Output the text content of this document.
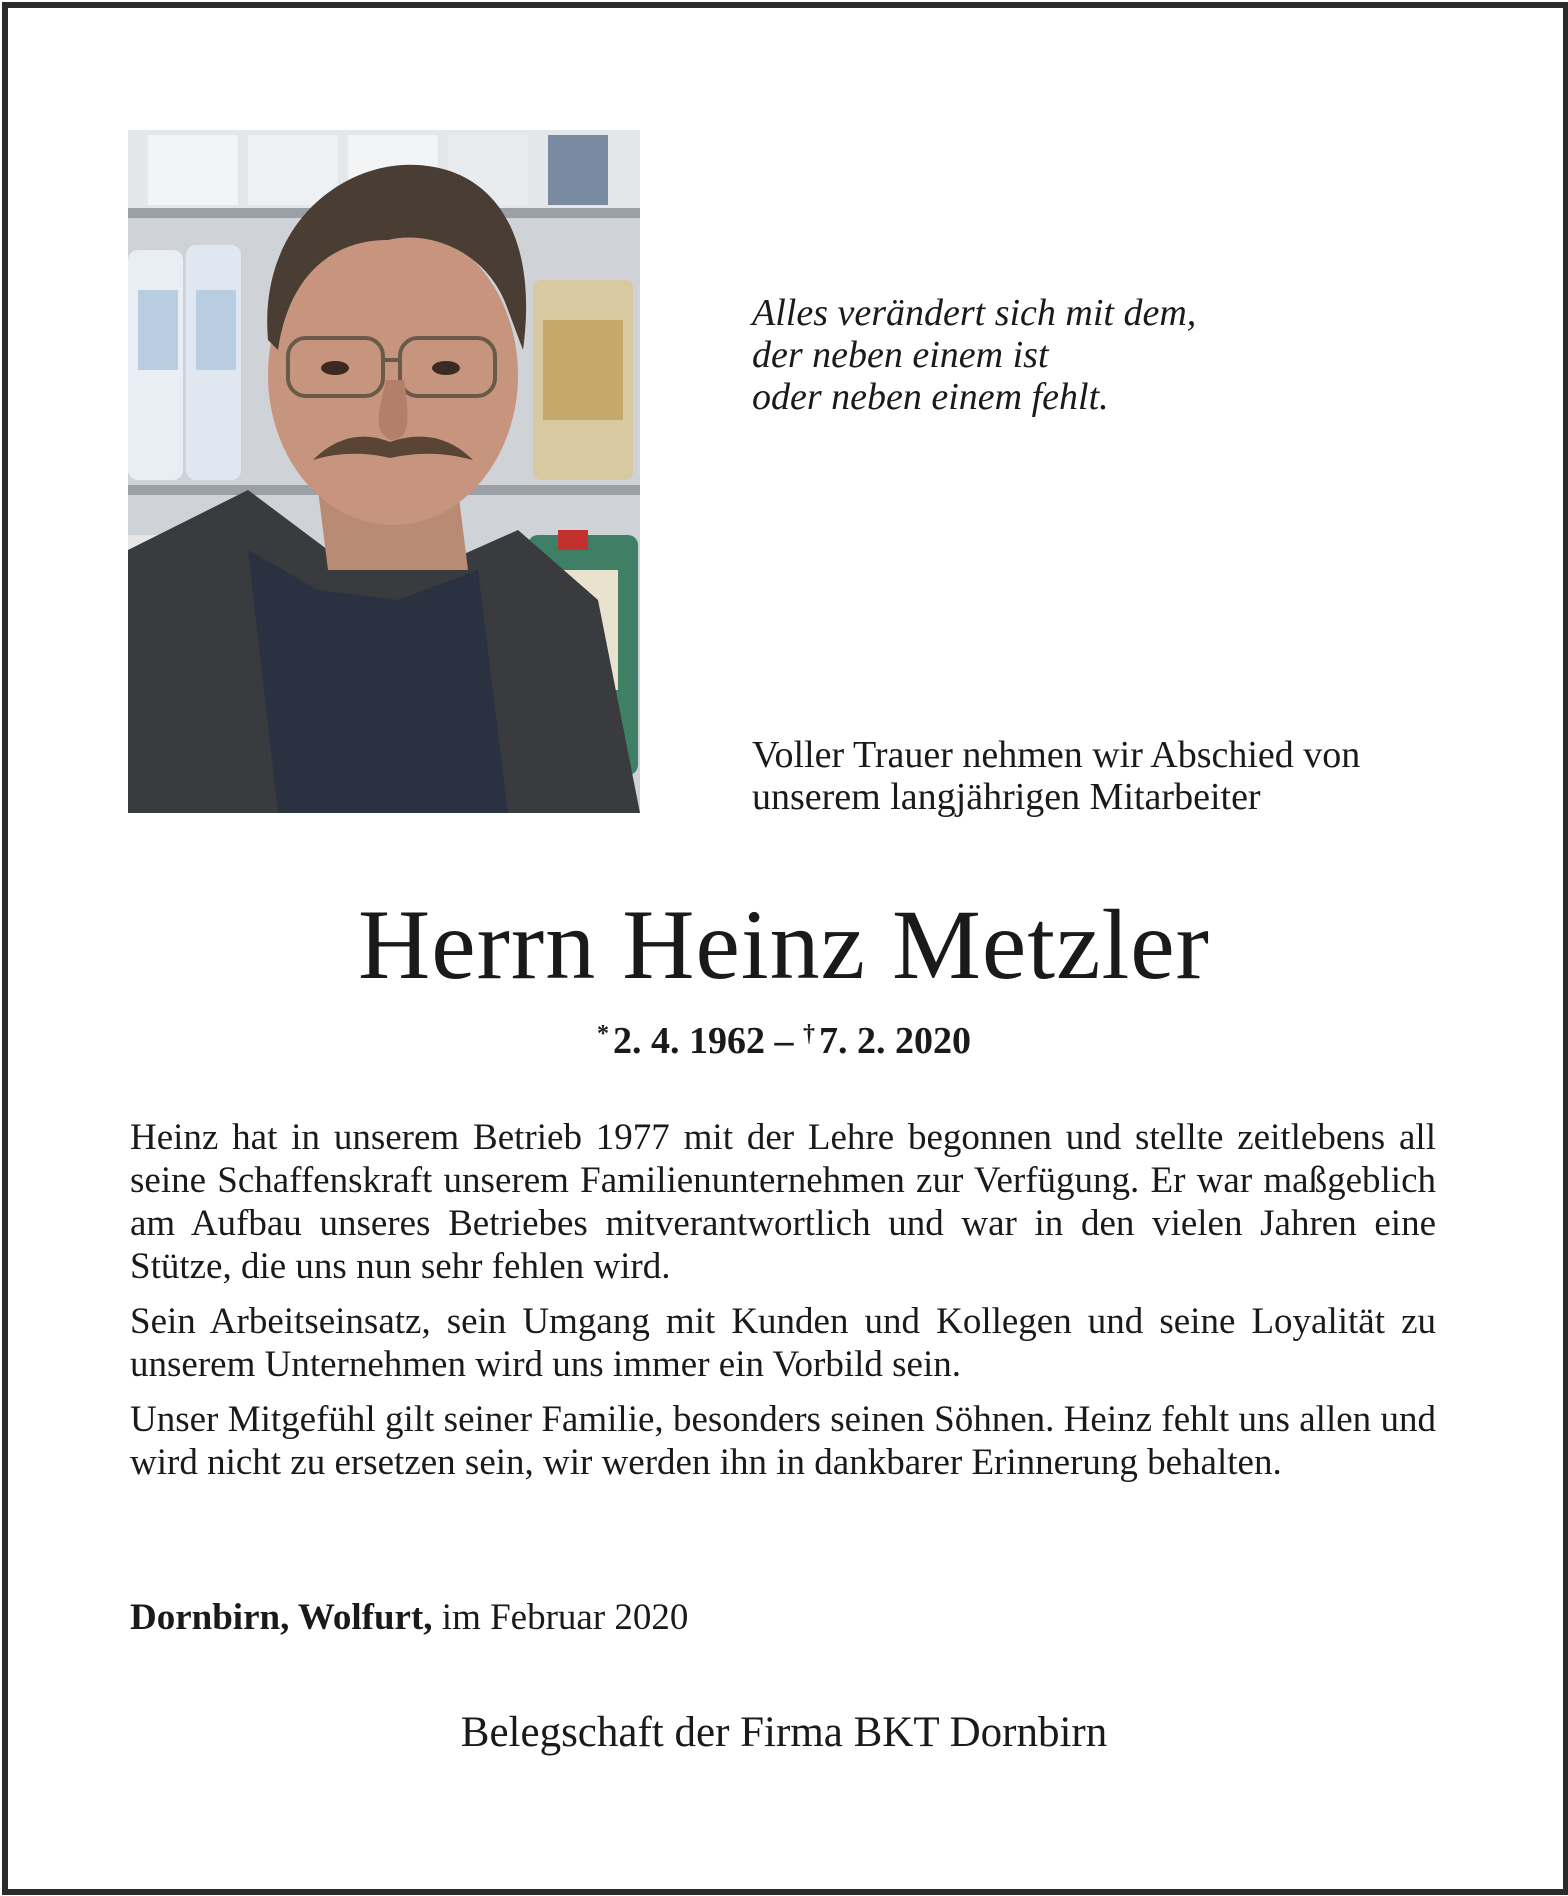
Alles verändert sich mit dem,
der neben einem ist
oder neben einem fehlt.
Voller Trauer nehmen wir Abschied von
unserem langjährigen Mitarbeiter
Herrn Heinz Metzler
* 2. 4. 1962 – † 7. 2. 2020

Heinz hat in unserem Betrieb 1977 mit der Lehre begonnen und stellte zeitlebens all seine Schaffenskraft unserem Familienunternehmen zur Verfügung. Er war maßgeblich am Aufbau unseres Betriebes mitverantwortlich und war in den vielen Jahren eine Stütze, die uns nun sehr fehlen wird.

Sein Arbeitseinsatz, sein Umgang mit Kunden und Kollegen und seine Loyalität zu unserem Unternehmen wird uns immer ein Vorbild sein.

Unser Mitgefühl gilt seiner Familie, besonders seinen Söhnen. Heinz fehlt uns allen und wird nicht zu ersetzen sein, wir werden ihn in dankbarer Erinnerung behalten.

Dornbirn, Wolfurt, im Februar 2020
Belegschaft der Firma BKT Dornbirn
